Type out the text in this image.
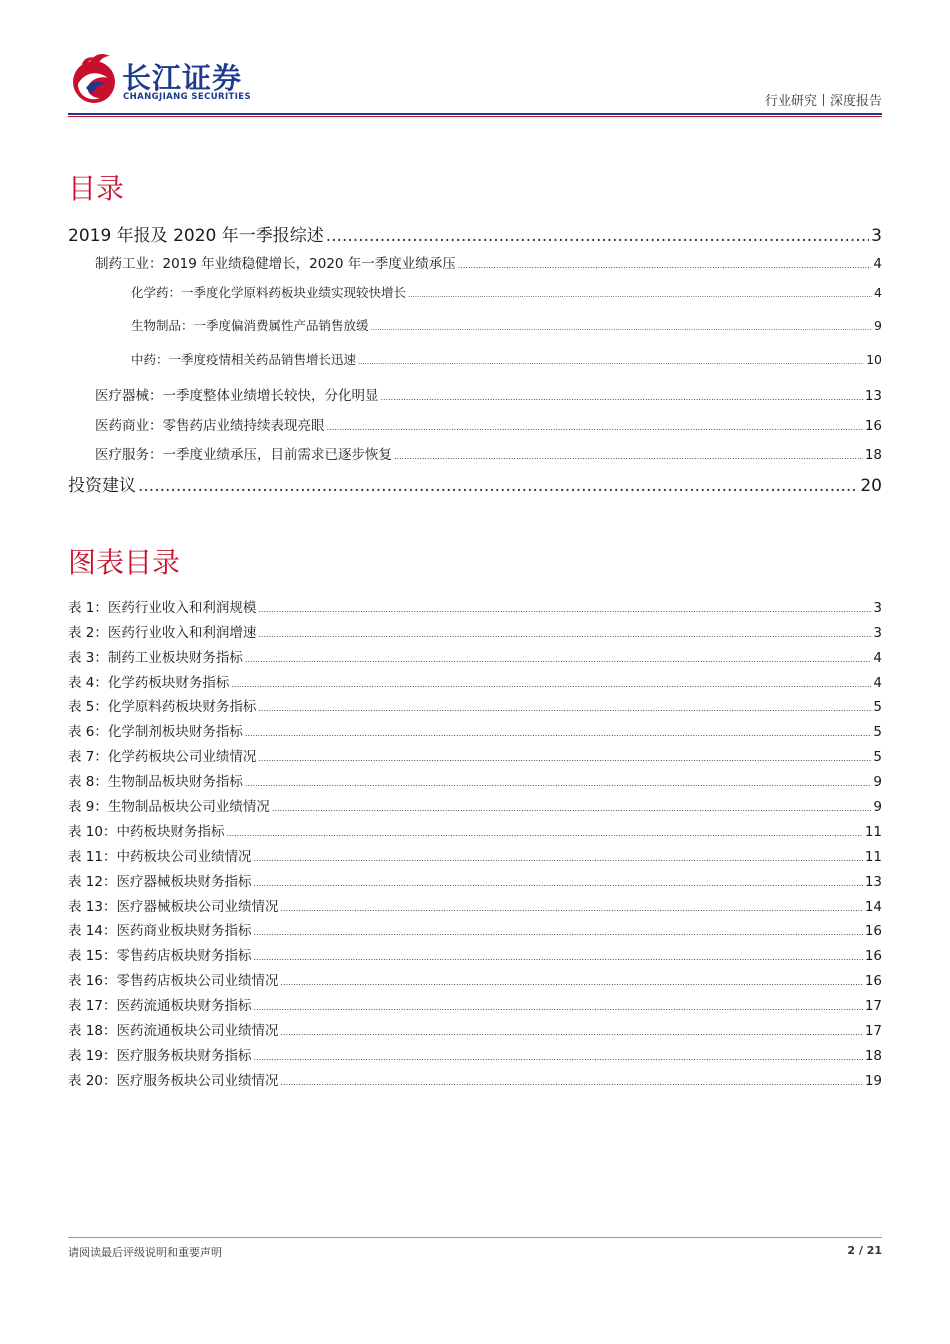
长江证券
CHANGJIANG SECURITIES	行业研究丨深度报告
目录
2019 年报及 2020 年一季报综述 .....	3
制药工业：2019 年业绩稳健增长，2020 年一季度业绩承压 .....	4
化学药：一季度化学原料药板块业绩实现较快增长 .....	4
生物制品：一季度偏消费属性产品销售放缓 .....	9
中药：一季度疫情相关药品销售增长迅速 .....	10
医疗器械：一季度整体业绩增长较快，分化明显 .....	13
医药商业：零售药店业绩持续表现亮眼 .....	16
医疗服务：一季度业绩承压，目前需求已逐步恢复 .....	18
投资建议 .....	20
图表目录
表 1：医药行业收入和利润规模 .....	3
表 2：医药行业收入和利润增速 .....	3
表 3：制药工业板块财务指标 .....	4
表 4：化学药板块财务指标 .....	4
表 5：化学原料药板块财务指标 .....	5
表 6：化学制剂板块财务指标 .....	5
表 7：化学药板块公司业绩情况 .....	5
表 8：生物制品板块财务指标 .....	9
表 9：生物制品板块公司业绩情况 .....	9
表 10：中药板块财务指标 .....	11
表 11：中药板块公司业绩情况 .....	11
表 12：医疗器械板块财务指标 .....	13
表 13：医疗器械板块公司业绩情况 .....	14
表 14：医药商业板块财务指标 .....	16
表 15：零售药店板块财务指标 .....	16
表 16：零售药店板块公司业绩情况 .....	16
表 17：医药流通板块财务指标 .....	17
表 18：医药流通板块公司业绩情况 .....	17
表 19：医疗服务板块财务指标 .....	18
表 20：医疗服务板块公司业绩情况 .....	19
请阅读最后评级说明和重要声明	2 / 21
